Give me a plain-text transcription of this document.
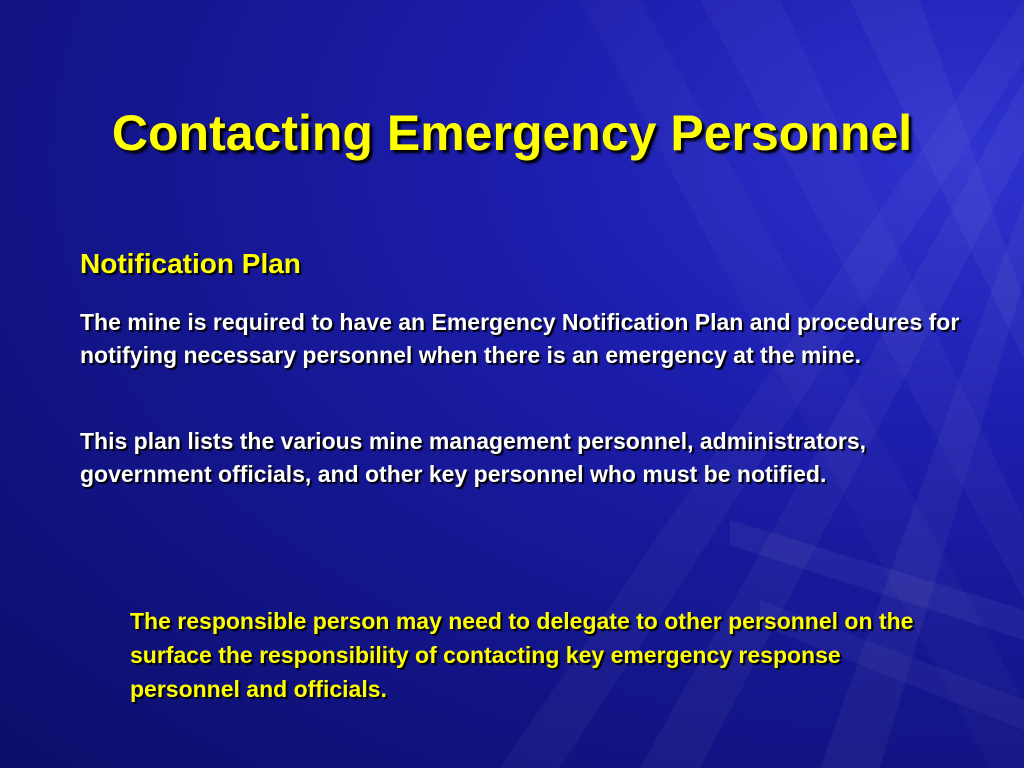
Contacting Emergency Personnel
Notification Plan

The mine is required to have an Emergency Notification Plan and procedures for notifying necessary personnel when there is an emergency at the mine.

This plan lists the various mine management personnel, administrators, government officials, and other key personnel who must be notified.

The responsible person may need to delegate to other personnel on the surface the responsibility of contacting key emergency response personnel and officials.
